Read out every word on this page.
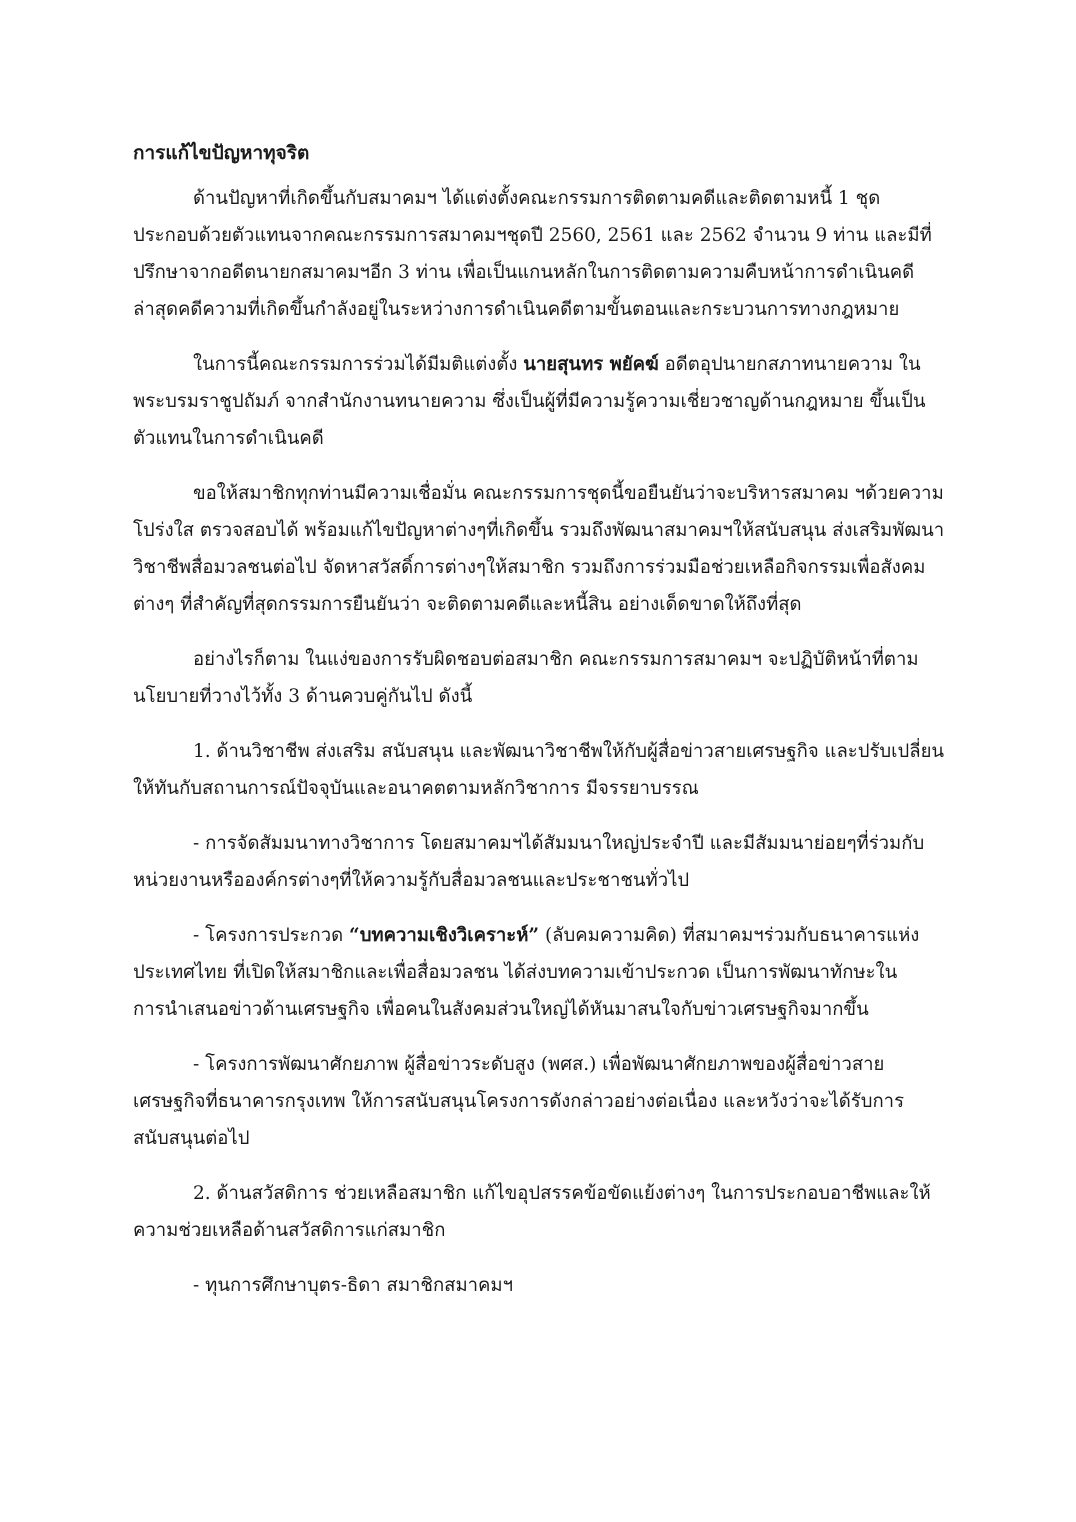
การแก้ไขปัญหาทุจริต

ด้านปัญหาที่เกิดขึ้นกับสมาคมฯ ได้แต่งตั้งคณะกรรมการติดตามคดีและติดตามหนี้ 1 ชุด ประกอบด้วยตัวแทนจากคณะกรรมการสมาคมฯชุดปี 2560, 2561 และ 2562 จำนวน 9 ท่าน และมีที่ปรึกษาจากอดีตนายกสมาคมฯอีก 3 ท่าน เพื่อเป็นแกนหลักในการติดตามความคืบหน้าการดำเนินคดี ล่าสุดคดีความที่เกิดขึ้นกำลังอยู่ในระหว่างการดำเนินคดีตามขั้นตอนและกระบวนการทางกฎหมาย

ในการนี้คณะกรรมการร่วมได้มีมติแต่งตั้ง นายสุนทร พยัคฆ์ อดีตอุปนายกสภาทนายความ ในพระบรมราชูปถัมภ์ จากสำนักงานทนายความ ซึ่งเป็นผู้ที่มีความรู้ความเชี่ยวชาญด้านกฎหมาย ขึ้นเป็นตัวแทนในการดำเนินคดี

ขอให้สมาชิกทุกท่านมีความเชื่อมั่น คณะกรรมการชุดนี้ขอยืนยันว่าจะบริหารสมาคม ฯด้วยความโปร่งใส ตรวจสอบได้ พร้อมแก้ไขปัญหาต่างๆที่เกิดขึ้น รวมถึงพัฒนาสมาคมฯให้สนับสนุน ส่งเสริมพัฒนาวิชาชีพสื่อมวลชนต่อไป จัดหาสวัสดิ์การต่างๆให้สมาชิก รวมถึงการร่วมมือช่วยเหลือกิจกรรมเพื่อสังคมต่างๆ ที่สำคัญที่สุดกรรมการยืนยันว่า จะติดตามคดีและหนี้สิน อย่างเด็ดขาดให้ถึงที่สุด

อย่างไรก็ตาม ในแง่ของการรับผิดชอบต่อสมาชิก คณะกรรมการสมาคมฯ จะปฏิบัติหน้าที่ตามนโยบายที่วางไว้ทั้ง 3 ด้านควบคู่กันไป ดังนี้

1. ด้านวิชาชีพ ส่งเสริม สนับสนุน และพัฒนาวิชาชีพให้กับผู้สื่อข่าวสายเศรษฐกิจ และปรับเปลี่ยนให้ทันกับสถานการณ์ปัจจุบันและอนาคตตามหลักวิชาการ มีจรรยาบรรณ

- การจัดสัมมนาทางวิชาการ โดยสมาคมฯได้สัมมนาใหญ่ประจำปี และมีสัมมนาย่อยๆที่ร่วมกับหน่วยงานหรือองค์กรต่างๆที่ให้ความรู้กับสื่อมวลชนและประชาชนทั่วไป

- โครงการประกวด “บทความเชิงวิเคราะห์” (ลับคมความคิด) ที่สมาคมฯร่วมกับธนาคารแห่งประเทศไทย ที่เปิดให้สมาชิกและเพื่อสื่อมวลชน ได้ส่งบทความเข้าประกวด เป็นการพัฒนาทักษะในการนำเสนอข่าวด้านเศรษฐกิจ เพื่อคนในสังคมส่วนใหญ่ได้หันมาสนใจกับข่าวเศรษฐกิจมากขึ้น

- โครงการพัฒนาศักยภาพ ผู้สื่อข่าวระดับสูง (พศส.) เพื่อพัฒนาศักยภาพของผู้สื่อข่าวสายเศรษฐกิจที่ธนาคารกรุงเทพ ให้การสนับสนุนโครงการดังกล่าวอย่างต่อเนื่อง และหวังว่าจะได้รับการสนับสนุนต่อไป

2. ด้านสวัสดิการ ช่วยเหลือสมาชิก แก้ไขอุปสรรคข้อขัดแย้งต่างๆ ในการประกอบอาชีพและให้ความช่วยเหลือด้านสวัสดิการแก่สมาชิก

- ทุนการศึกษาบุตร-ธิดา สมาชิกสมาคมฯ
